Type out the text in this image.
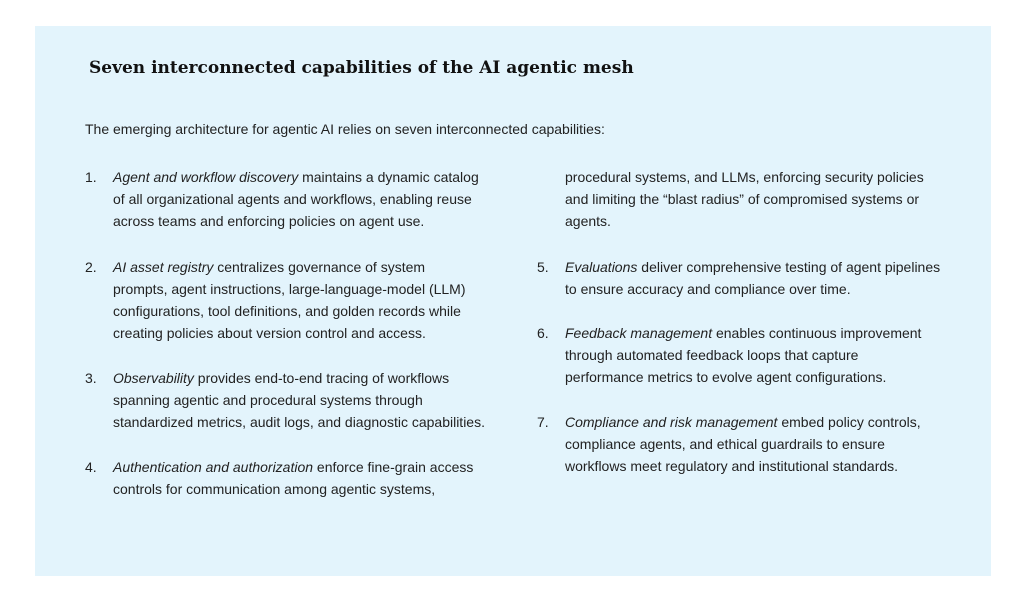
Seven interconnected capabilities of the AI agentic mesh

The emerging architecture for agentic AI relies on seven interconnected capabilities:

1. Agent and workflow discovery maintains a dynamic catalog
of all organizational agents and workflows, enabling reuse
across teams and enforcing policies on agent use.
2. AI asset registry centralizes governance of system
prompts, agent instructions, large-language-model (LLM)
configurations, tool definitions, and golden records while
creating policies about version control and access.
3. Observability provides end-to-end tracing of workflows
spanning agentic and procedural systems through
standardized metrics, audit logs, and diagnostic capabilities.
4. Authentication and authorization enforce fine-grain access
controls for communication among agentic systems,
procedural systems, and LLMs, enforcing security policies
and limiting the “blast radius” of compromised systems or
agents.
5. Evaluations deliver comprehensive testing of agent pipelines
to ensure accuracy and compliance over time.
6. Feedback management enables continuous improvement
through automated feedback loops that capture
performance metrics to evolve agent configurations.
7. Compliance and risk management embed policy controls,
compliance agents, and ethical guardrails to ensure
workflows meet regulatory and institutional standards.
